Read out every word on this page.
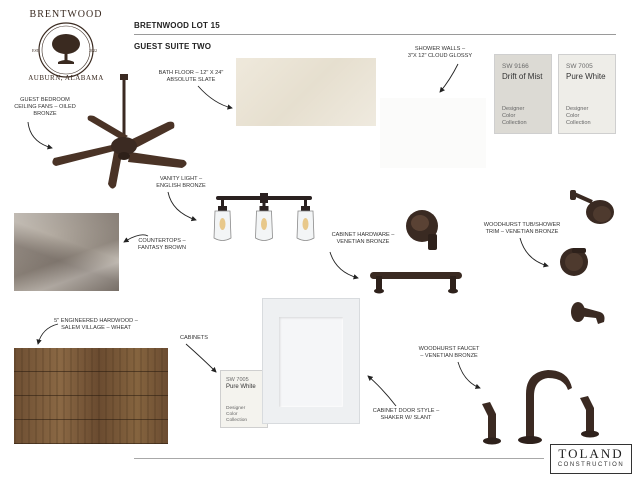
BRENTWOOD
EST.	2022
AUBURN, ALABAMA
BRETNWOOD LOT 15
GUEST SUITE TWO
GUEST BEDROOM
CEILING FANS – OILED
BRONZE
BATH FLOOR – 12" X 24"
ABSOLUTE SLATE
SHOWER WALLS –
3"X 12" CLOUD GLOSSY
SW 9166
Drift of Mist
Designer
Color
Collection
SW 7005
Pure White
Designer
Color
Collection
VANITY LIGHT –
ENGLISH BRONZE
COUNTERTOPS –
FANTASY BROWN
CABINET HARDWARE –
VENETIAN BRONZE
WOODHURST TUB/SHOWER
TRIM – VENETIAN BRONZE
5" ENGINEERED HARDWOOD –
SALEM VILLAGE – WHEAT
CABINETS
SW 7005
Pure White
Designer
Color
Collection
WOODHURST FAUCET
– VENETIAN BRONZE
CABINET DOOR STYLE –
SHAKER W/ SLANT
TOLAND
CONSTRUCTION
